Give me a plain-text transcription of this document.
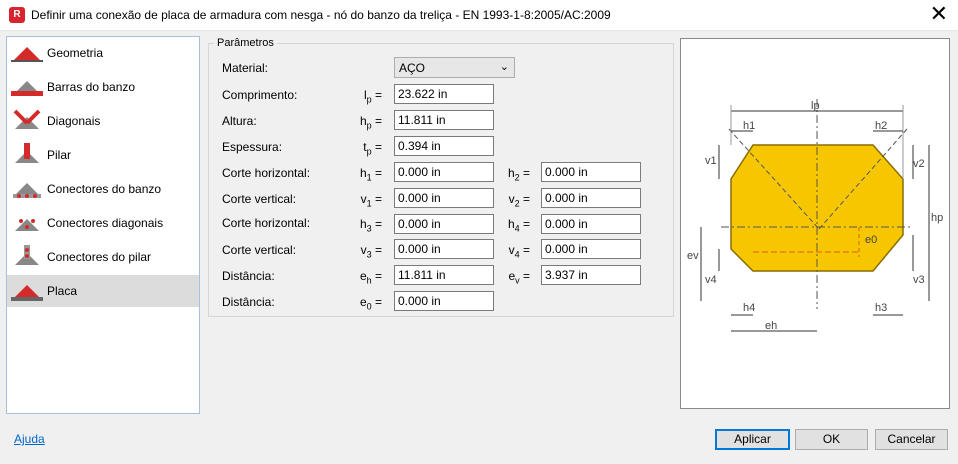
R Definir uma conexão de placa de armadura com nesga - nó do banzo da treliça - EN 1993-1-8:2005/AC:2009	✕
Geometria
Barras do banzo
Diagonais
Pilar
Conectores do banzo
Conectores diagonais
Conectores do pilar
Placa
Parâmetros
Material:	AÇO	⌄
Comprimento:	$l_p$ =	23.622 in
Altura:	$h_p$ =	11.811 in
Espessura:	$t_p$ =	0.394 in
Corte horizontal:	$h_1$ =	0.000 in	$h_2$ =	0.000 in
Corte vertical:	$v_1$ =	0.000 in	$v_2$ =	0.000 in
Corte horizontal:	$h_3$ =	0.000 in	$h_4$ =	0.000 in
Corte vertical:	$v_3$ =	0.000 in	$v_4$ =	0.000 in
Distância:	$e_h$ =	11.811 in	$e_v$ =	3.937 in
Distância:	$e_0$ =	0.000 in
lp
h1	h2
v1	v2
hp
ev
v4	v3
e0
h4	h3
eh
Ajuda	Aplicar	OK	Cancelar
